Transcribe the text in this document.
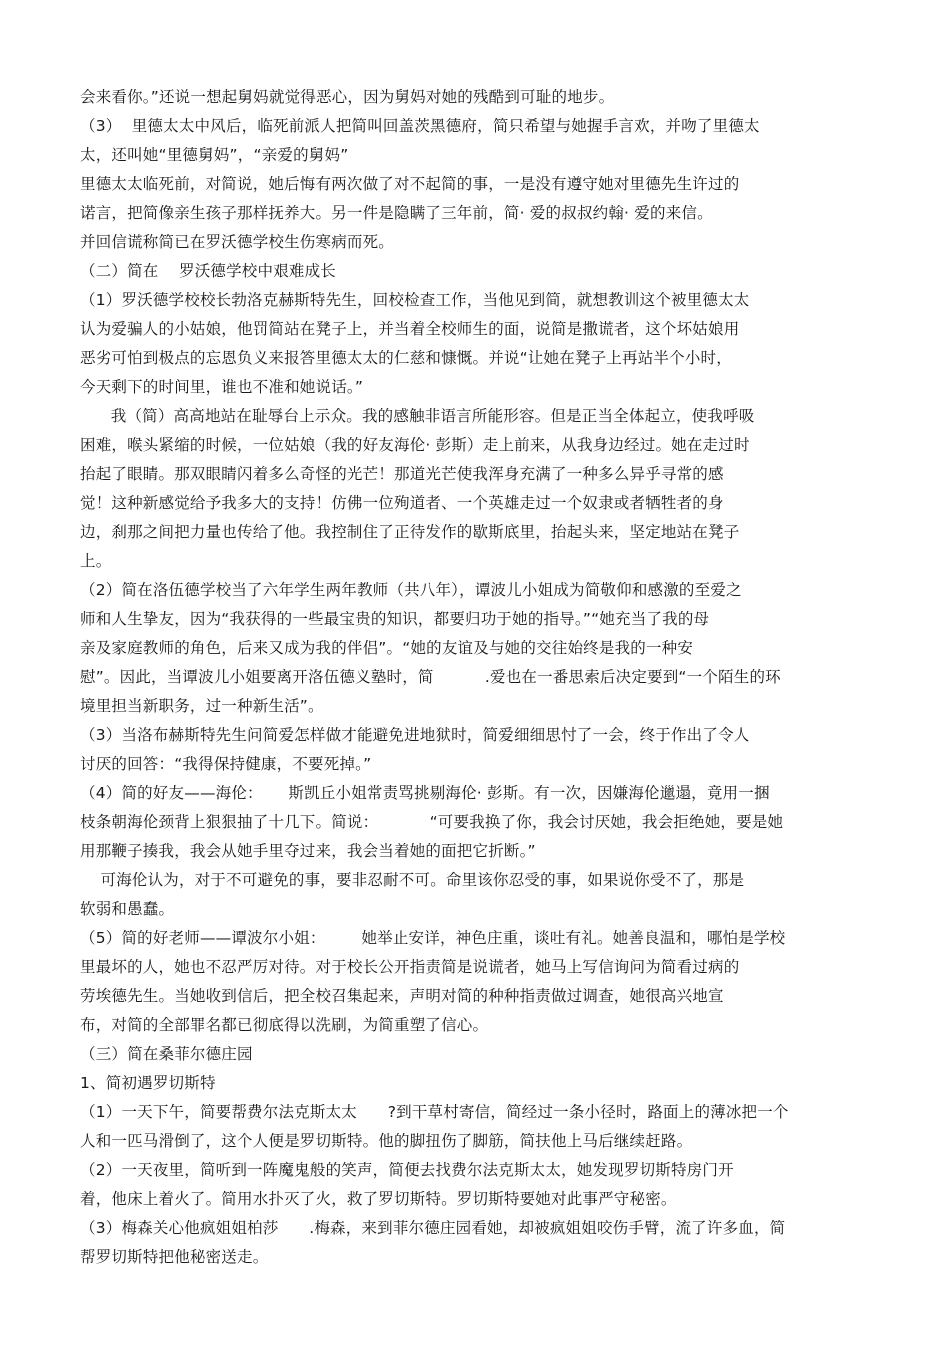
会来看你。”还说一想起舅妈就觉得恶心，因为舅妈对她的残酷到可耻的地步。
（3）  里德太太中风后，临死前派人把简叫回盖茨黑德府，简只希望与她握手言欢，并吻了里德太
太，还叫她“里德舅妈”，“亲爱的舅妈”
里德太太临死前，对简说，她后悔有两次做了对不起简的事，一是没有遵守她对里德先生许过的
诺言，把简像亲生孩子那样抚养大。另一件是隐瞒了三年前，简· 爱的叔叔约翰· 爱的来信。
并回信谎称简已在罗沃德学校生伤寒病而死。
（二）简在    罗沃德学校中艰难成长
（1）罗沃德学校校长勃洛克赫斯特先生，回校检查工作，当他见到简，就想教训这个被里德太太
认为爱骗人的小姑娘，他罚简站在凳子上，并当着全校师生的面，说简是撒谎者，这个坏姑娘用
恶劣可怕到极点的忘恩负义来报答里德太太的仁慈和慷慨。并说“让她在凳子上再站半个小时，
今天剩下的时间里，谁也不准和她说话。”
我（简）高高地站在耻辱台上示众。我的感触非语言所能形容。但是正当全体起立，使我呼吸
困难，喉头紧缩的时候，一位姑娘（我的好友海伦· 彭斯）走上前来，从我身边经过。她在走过时
抬起了眼睛。那双眼睛闪着多么奇怪的光芒！那道光芒使我浑身充满了一种多么异乎寻常的感
觉！这种新感觉给予我多大的支持！仿佛一位殉道者、一个英雄走过一个奴隶或者牺牲者的身
边，刹那之间把力量也传给了他。我控制住了正待发作的歇斯底里，抬起头来，坚定地站在凳子
上。
（2）简在洛伍德学校当了六年学生两年教师（共八年），谭波儿小姐成为简敬仰和感激的至爱之
师和人生挚友，因为“我获得的一些最宝贵的知识，都要归功于她的指导。”“她充当了我的母
亲及家庭教师的角色，后来又成为我的伴侣”。“她的友谊及与她的交往始终是我的一种安
慰”。因此，当谭波儿小姐要离开洛伍德义塾时，简          .爱也在一番思索后决定要到“一个陌生的环
境里担当新职务，过一种新生活”。
（3）当洛布赫斯特先生问简爱怎样做才能避免进地狱时，简爱细细思忖了一会，终于作出了令人
讨厌的回答：“我得保持健康，不要死掉。”
（4）简的好友——海伦：     斯凯丘小姐常责骂挑剔海伦· 彭斯。有一次，因嫌海伦邋遢，竟用一捆
枝条朝海伦颈背上狠狠抽了十几下。简说：          “可要我换了你，我会讨厌她，我会拒绝她，要是她
用那鞭子揍我，我会从她手里夺过来，我会当着她的面把它折断。”
可海伦认为，对于不可避免的事，要非忍耐不可。命里该你忍受的事，如果说你受不了，那是
软弱和愚蠢。
（5）简的好老师——谭波尔小姐：       她举止安详，神色庄重，谈吐有礼。她善良温和，哪怕是学校
里最坏的人，她也不忍严厉对待。对于校长公开指责简是说谎者，她马上写信询问为简看过病的
劳埃德先生。当她收到信后，把全校召集起来，声明对简的种种指责做过调查，她很高兴地宣
布，对简的全部罪名都已彻底得以洗刷，为简重塑了信心。
（三）简在桑菲尔德庄园
1、简初遇罗切斯特
（1）一天下午，简要帮费尔法克斯太太      ?到干草村寄信，简经过一条小径时，路面上的薄冰把一个
人和一匹马滑倒了，这个人便是罗切斯特。他的脚扭伤了脚筋，简扶他上马后继续赶路。
（2）一天夜里，简听到一阵魔鬼般的笑声，简便去找费尔法克斯太太，她发现罗切斯特房门开
着，他床上着火了。简用水扑灭了火，救了罗切斯特。罗切斯特要她对此事严守秘密。
（3）梅森关心他疯姐姐柏莎      .梅森，来到菲尔德庄园看她，却被疯姐姐咬伤手臂，流了许多血，简
帮罗切斯特把他秘密送走。
